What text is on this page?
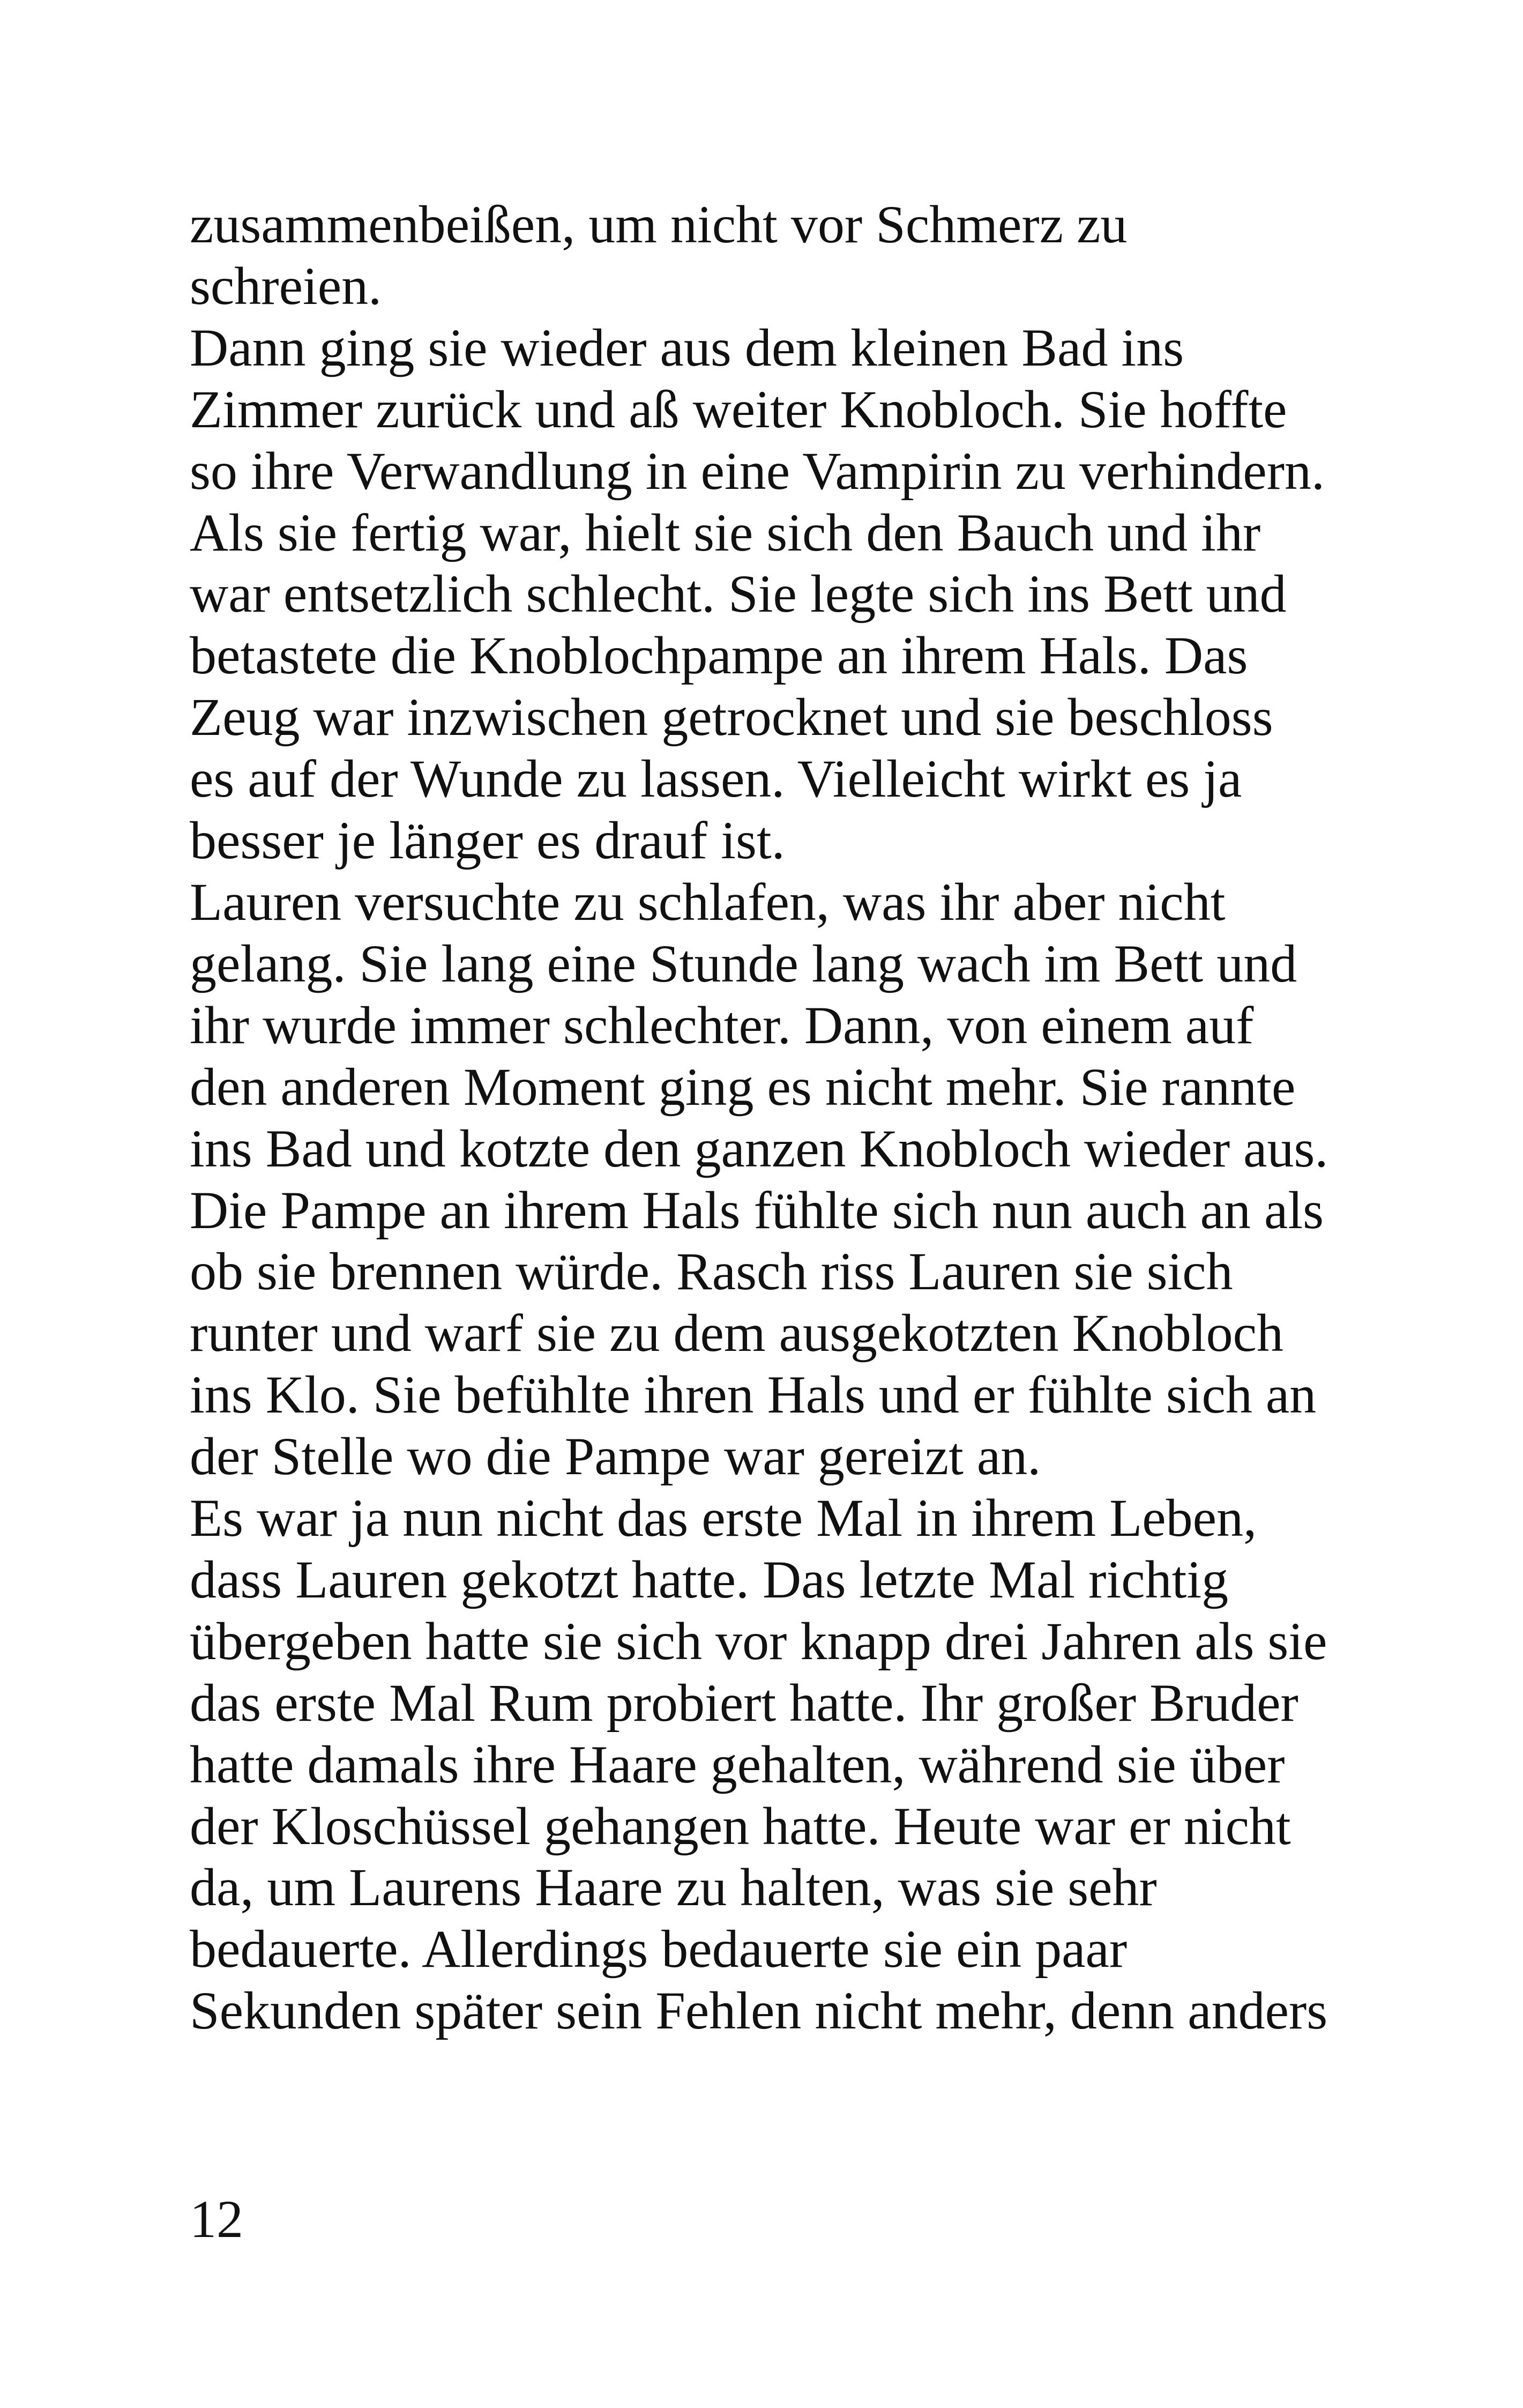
zusammenbeißen, um nicht vor Schmerz zu
schreien.
Dann ging sie wieder aus dem kleinen Bad ins
Zimmer zurück und aß weiter Knobloch. Sie hoffte
so ihre Verwandlung in eine Vampirin zu verhindern.
Als sie fertig war, hielt sie sich den Bauch und ihr
war entsetzlich schlecht. Sie legte sich ins Bett und
betastete die Knoblochpampe an ihrem Hals. Das
Zeug war inzwischen getrocknet und sie beschloss
es auf der Wunde zu lassen. Vielleicht wirkt es ja
besser je länger es drauf ist.
Lauren versuchte zu schlafen, was ihr aber nicht
gelang. Sie lang eine Stunde lang wach im Bett und
ihr wurde immer schlechter. Dann, von einem auf
den anderen Moment ging es nicht mehr. Sie rannte
ins Bad und kotzte den ganzen Knobloch wieder aus.
Die Pampe an ihrem Hals fühlte sich nun auch an als
ob sie brennen würde. Rasch riss Lauren sie sich
runter und warf sie zu dem ausgekotzten Knobloch
ins Klo. Sie befühlte ihren Hals und er fühlte sich an
der Stelle wo die Pampe war gereizt an.
Es war ja nun nicht das erste Mal in ihrem Leben,
dass Lauren gekotzt hatte. Das letzte Mal richtig
übergeben hatte sie sich vor knapp drei Jahren als sie
das erste Mal Rum probiert hatte. Ihr großer Bruder
hatte damals ihre Haare gehalten, während sie über
der Kloschüssel gehangen hatte. Heute war er nicht
da, um Laurens Haare zu halten, was sie sehr
bedauerte. Allerdings bedauerte sie ein paar
Sekunden später sein Fehlen nicht mehr, denn anders
12
